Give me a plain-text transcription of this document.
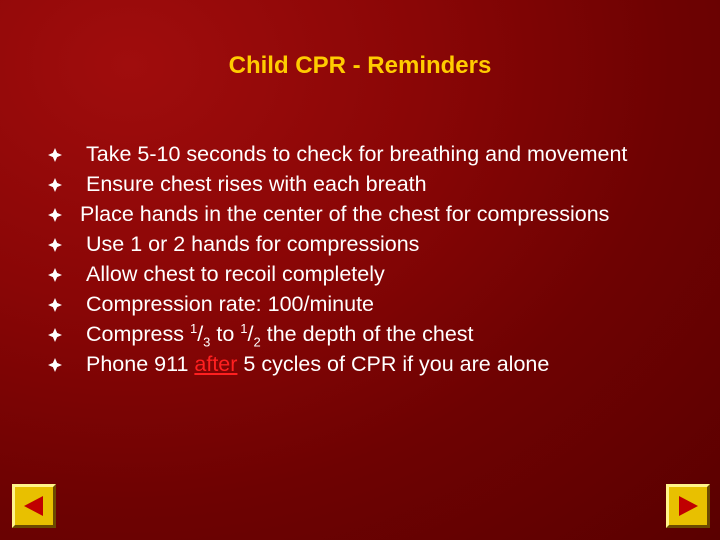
Child CPR - Reminders
Take 5-10 seconds to check for breathing and movement
Ensure chest rises with each breath
Place hands in the center of the chest for compressions
Use 1 or 2 hands for compressions
Allow chest to recoil completely
Compression rate: 100/minute
Compress $^1/_3$ to $^1/_2$ the depth of the chest
Phone 911 after 5 cycles of CPR if you are alone
